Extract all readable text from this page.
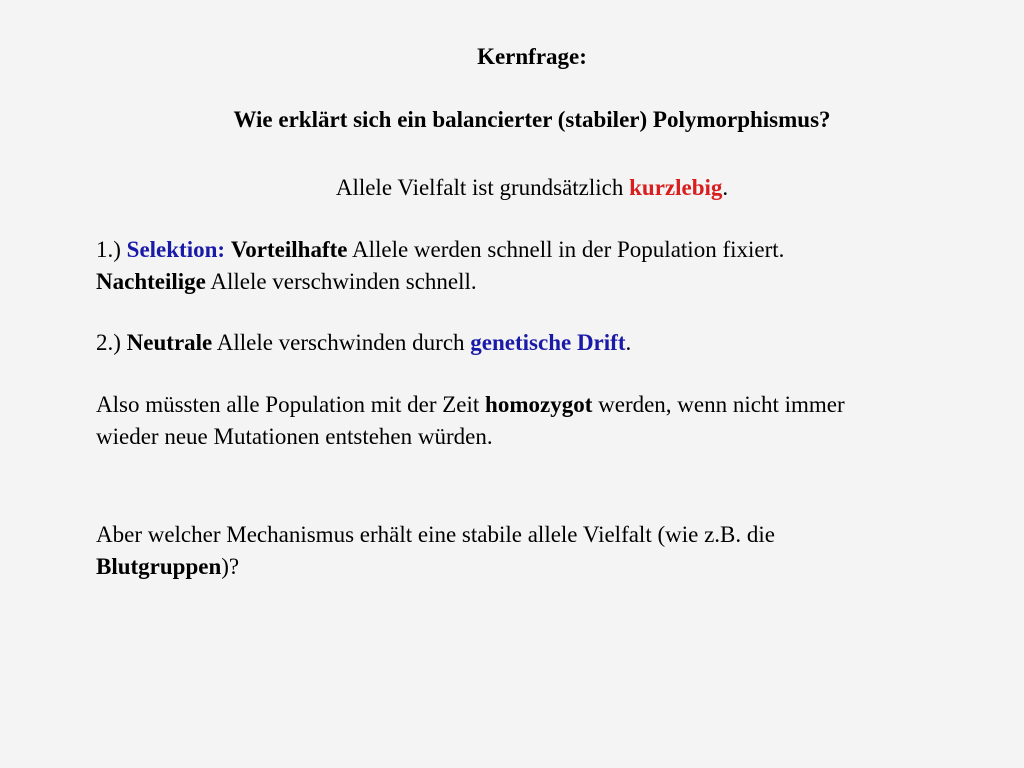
Kernfrage:
Wie erklärt sich ein balancierter (stabiler) Polymorphismus?
Allele Vielfalt ist grundsätzlich kurzlebig.
1.) Selektion: Vorteilhafte Allele werden schnell in der Population fixiert.
Nachteilige Allele verschwinden schnell.
2.) Neutrale Allele verschwinden durch genetische Drift.
Also müssten alle Population mit der Zeit homozygot werden, wenn nicht immer
wieder neue Mutationen entstehen würden.
Aber welcher Mechanismus erhält eine stabile allele Vielfalt (wie z.B. die
Blutgruppen)?
